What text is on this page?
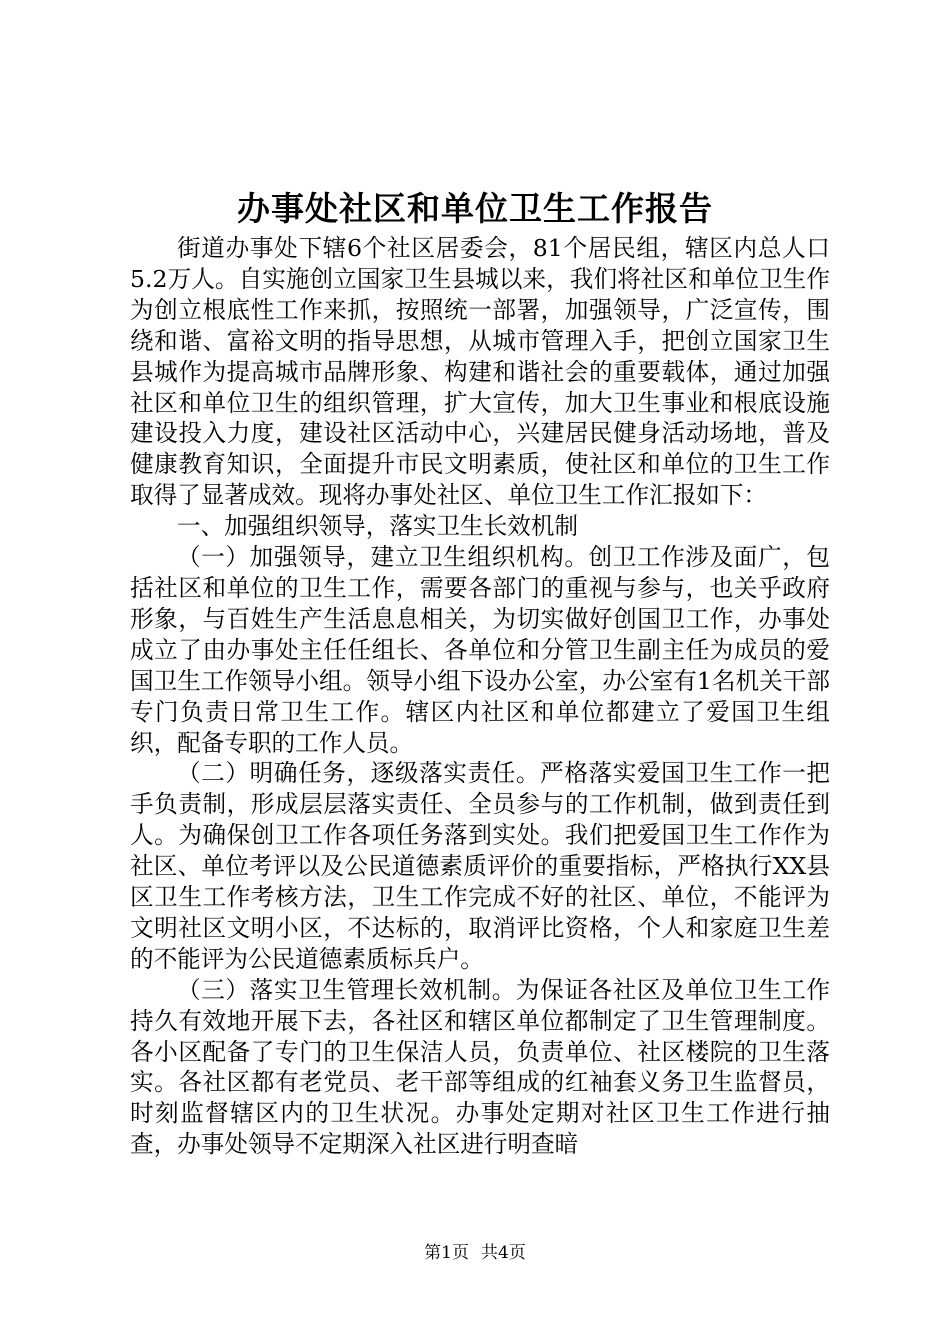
办事处社区和单位卫生工作报告

街道办事处下辖6个社区居委会，81个居民组，辖区内总人口5.2万人。自实施创立国家卫生县城以来，我们将社区和单位卫生作为创立根底性工作来抓，按照统一部署，加强领导，广泛宣传，围绕和谐、富裕文明的指导思想，从城市管理入手，把创立国家卫生县城作为提高城市品牌形象、构建和谐社会的重要载体，通过加强社区和单位卫生的组织管理，扩大宣传，加大卫生事业和根底设施建设投入力度，建设社区活动中心，兴建居民健身活动场地，普及健康教育知识，全面提升市民文明素质，使社区和单位的卫生工作取得了显著成效。现将办事处社区、单位卫生工作汇报如下：

一、加强组织领导，落实卫生长效机制

（一）加强领导，建立卫生组织机构。创卫工作涉及面广，包括社区和单位的卫生工作，需要各部门的重视与参与，也关乎政府形象，与百姓生产生活息息相关，为切实做好创国卫工作，办事处成立了由办事处主任任组长、各单位和分管卫生副主任为成员的爱国卫生工作领导小组。领导小组下设办公室，办公室有1名机关干部专门负责日常卫生工作。辖区内社区和单位都建立了爱国卫生组织，配备专职的工作人员。

（二）明确任务，逐级落实责任。严格落实爱国卫生工作一把手负责制，形成层层落实责任、全员参与的工作机制，做到责任到人。为确保创卫工作各项任务落到实处。我们把爱国卫生工作作为社区、单位考评以及公民道德素质评价的重要指标，严格执行XX县区卫生工作考核方法，卫生工作完成不好的社区、单位，不能评为文明社区文明小区，不达标的，取消评比资格，个人和家庭卫生差的不能评为公民道德素质标兵户。

（三）落实卫生管理长效机制。为保证各社区及单位卫生工作持久有效地开展下去，各社区和辖区单位都制定了卫生管理制度。各小区配备了专门的卫生保洁人员，负责单位、社区楼院的卫生落实。各社区都有老党员、老干部等组成的红袖套义务卫生监督员，时刻监督辖区内的卫生状况。办事处定期对社区卫生工作进行抽查，办事处领导不定期深入社区进行明查暗

第1页 共4页
